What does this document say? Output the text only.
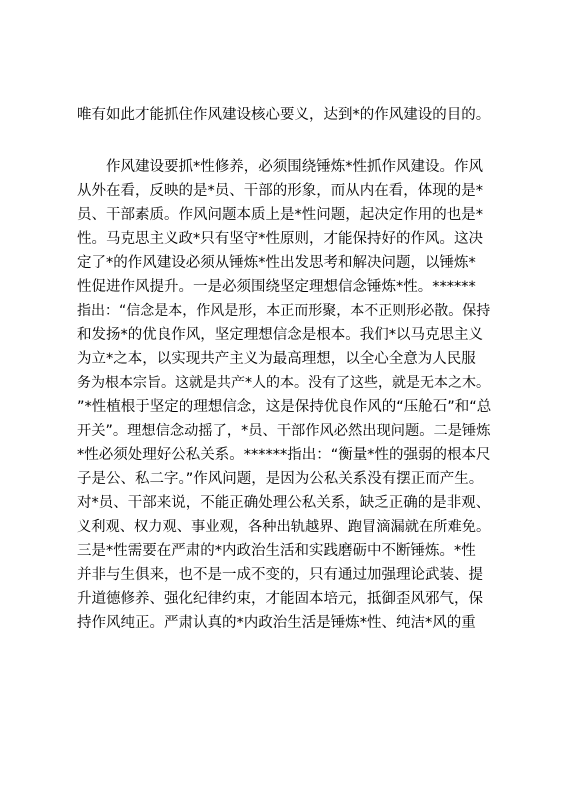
唯有如此才能抓住作风建设核心要义，达到*的作风建设的目的。
作风建设要抓*性修养，必须围绕锤炼*性抓作风建设。作风
从外在看，反映的是*员、干部的形象，而从内在看，体现的是*
员、干部素质。作风问题本质上是*性问题，起决定作用的也是*
性。马克思主义政*只有坚守*性原则，才能保持好的作风。这决
定了*的作风建设必须从锤炼*性出发思考和解决问题，以锤炼*
性促进作风提升。一是必须围绕坚定理想信念锤炼*性。******
指出：“信念是本，作风是形，本正而形聚，本不正则形必散。保持
和发扬*的优良作风，坚定理想信念是根本。我们*以马克思主义
为立*之本，以实现共产主义为最高理想，以全心全意为人民服
务为根本宗旨。这就是共产*人的本。没有了这些，就是无本之木。
”*性植根于坚定的理想信念，这是保持优良作风的“压舱石”和“总
开关”。理想信念动摇了，*员、干部作风必然出现问题。二是锤炼
*性必须处理好公私关系。******指出：“衡量*性的强弱的根本尺
子是公、私二字。”作风问题，是因为公私关系没有摆正而产生。
对*员、干部来说，不能正确处理公私关系，缺乏正确的是非观、
义利观、权力观、事业观，各种出轨越界、跑冒滴漏就在所难免。
三是*性需要在严肃的*内政治生活和实践磨砺中不断锤炼。*性
并非与生俱来，也不是一成不变的，只有通过加强理论武装、提
升道德修养、强化纪律约束，才能固本培元，抵御歪风邪气，保
持作风纯正。严肃认真的*内政治生活是锤炼*性、纯洁*风的重
